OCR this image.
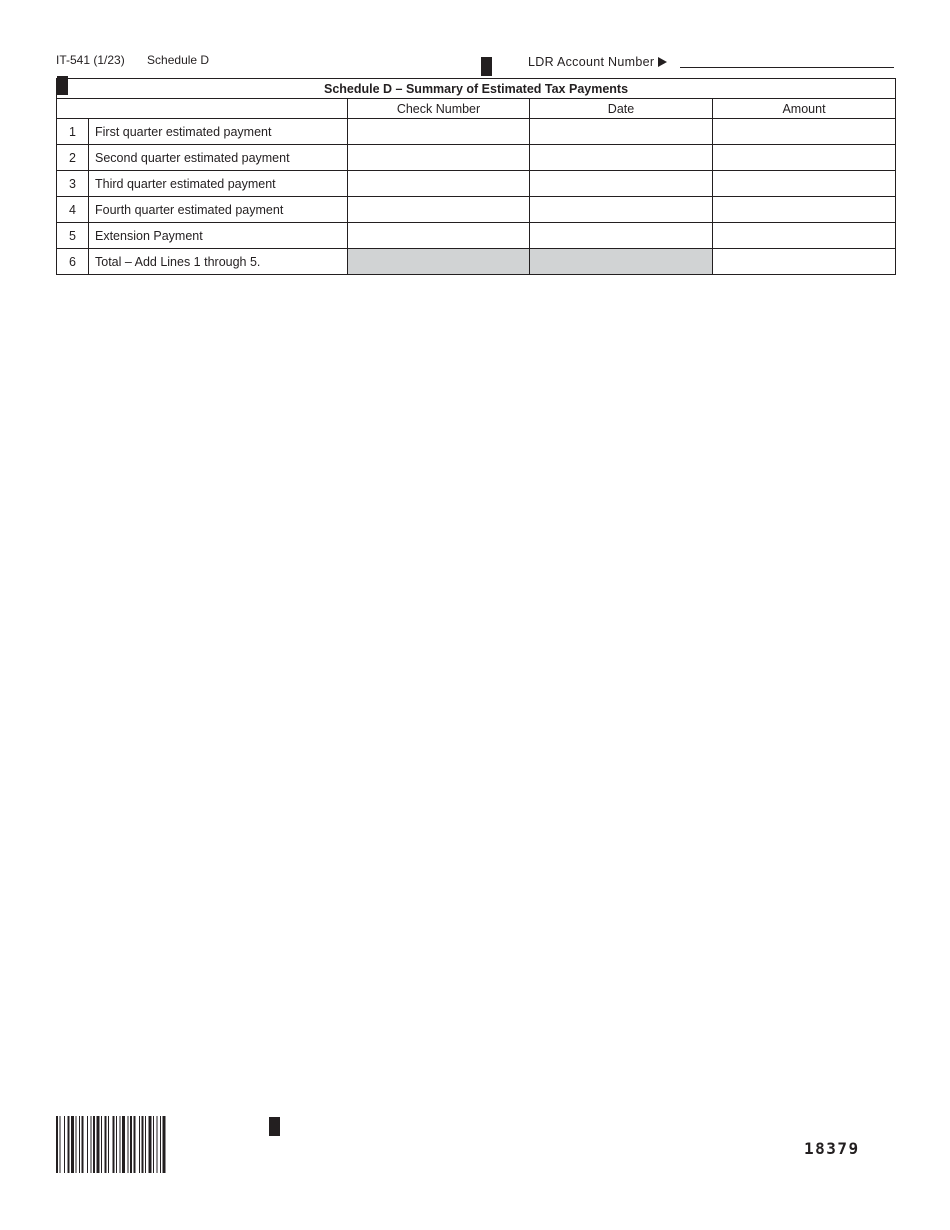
IT-541 (1/23) Schedule D	LDR Account Number
Schedule D – Summary of Estimated Tax Payments				
		Check Number	Date	Amount
1	First quarter estimated payment			
2	Second quarter estimated payment			
3	Third quarter estimated payment			
4	Fourth quarter estimated payment			
5	Extension Payment			
6	Total – Add Lines 1 through 5.			
18379
